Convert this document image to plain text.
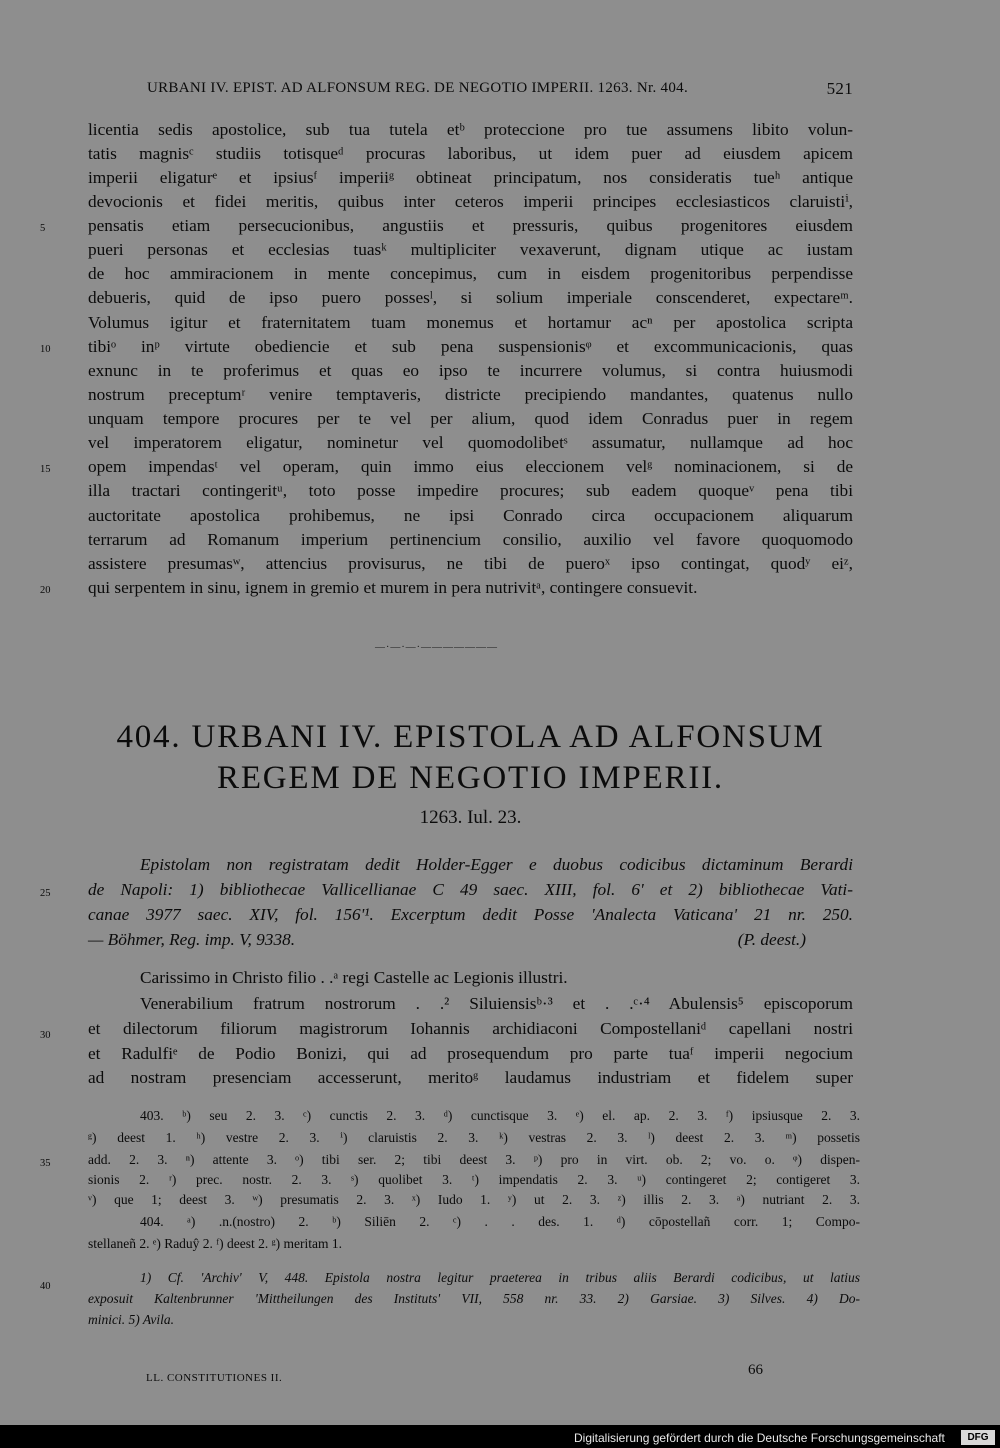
URBANI IV. EPIST. AD ALFONSUM REG. DE NEGOTIO IMPERII. 1263. Nr. 404.	521
licentia sedis apostolice, sub tua tutela etᵇ proteccione pro tue assumens libito volun-
tatis magnisᶜ studiis totisqueᵈ procuras laboribus, ut idem puer ad eiusdem apicem
imperii eligaturᵉ et ipsiusᶠ imperiiᵍ obtineat principatum, nos consideratis tueʰ antique
devocionis et fidei meritis, quibus inter ceteros imperii principes ecclesiasticos claruistiⁱ,
pensatis etiam persecucionibus, angustiis et pressuris, quibus progenitores eiusdem
pueri personas et ecclesias tuasᵏ multipliciter vexaverunt, dignam utique ac iustam
de hoc ammiracionem in mente concepimus, cum in eisdem progenitoribus perpendisse
debueris, quid de ipso puero possesˡ, si solium imperiale conscenderet, expectareᵐ.
Volumus igitur et fraternitatem tuam monemus et hortamur acⁿ per apostolica scripta
tibiᵒ inᵖ virtute obediencie et sub pena suspensionisᵠ et excommunicacionis, quas
exnunc in te proferimus et quas eo ipso te incurrere volumus, si contra huiusmodi
nostrum preceptumʳ venire temptaveris, districte precipiendo mandantes, quatenus nullo
unquam tempore procures per te vel per alium, quod idem Conradus puer in regem
vel imperatorem eligatur, nominetur vel quomodolibetˢ assumatur, nullamque ad hoc
opem impendasᵗ vel operam, quin immo eius eleccionem velᵍ nominacionem, si de
illa tractari contingeritᵘ, toto posse impedire procures; sub eadem quoqueᵛ pena tibi
auctoritate apostolica prohibemus, ne ipsi Conrado circa occupacionem aliquarum
terrarum ad Romanum imperium pertinencium consilio, auxilio vel favore quoquomodo
assistere presumasʷ, attencius provisurus, ne tibi de pueroˣ ipso contingat, quodʸ eiᶻ,
qui serpentem in sinu, ignem in gremio et murem in pera nutrivitᵃ, contingere consuevit.
5
10
15
20
25
30
35
40
—·—·—·———————
404. URBANI IV. EPISTOLA AD ALFONSUM
REGEM DE NEGOTIO IMPERII.
1263. Iul. 23.
Epistolam non registratam dedit Holder-Egger e duobus codicibus dictaminum Berardi
de Napoli: 1) bibliothecae Vallicellianae C 49 saec. XIII, fol. 6' et 2) bibliothecae Vati-
canae 3977 saec. XIV, fol. 156'¹. Excerptum dedit Posse 'Analecta Vaticana' 21 nr. 250.
— Böhmer, Reg. imp. V, 9338.	(P. deest.)
Carissimo in Christo filio . .ᵃ regi Castelle ac Legionis illustri.
Venerabilium fratrum nostrorum . .² Siluiensisᵇ·³ et . .ᶜ·⁴ Abulensis⁵ episcoporum
et dilectorum filiorum magistrorum Iohannis archidiaconi Compostellaniᵈ capellani nostri
et Radulfiᵉ de Podio Bonizi, qui ad prosequendum pro parte tuaᶠ imperii negocium
ad nostram presenciam accesserunt, meritoᵍ laudamus industriam et fidelem super
403. ᵇ) seu 2. 3. ᶜ) cunctis 2. 3. ᵈ) cunctisque 3. ᵉ) el. ap. 2. 3. ᶠ) ipsiusque 2. 3.
ᵍ) deest 1. ʰ) vestre 2. 3. ⁱ) claruistis 2. 3. ᵏ) vestras 2. 3. ˡ) deest 2. 3. ᵐ) possetis
add. 2. 3. ⁿ) attente 3. ᵒ) tibi ser. 2; tibi deest 3. ᵖ) pro in virt. ob. 2; vo. o. ᵠ) dispen-
sionis 2. ʳ) prec. nostr. 2. 3. ˢ) quolibet 3. ᵗ) impendatis 2. 3. ᵘ) contingeret 2; contigeret 3.
ᵛ) que 1; deest 3. ʷ) presumatis 2. 3. ˣ) Iudo 1. ʸ) ut 2. 3. ᶻ) illis 2. 3. ᵃ) nutriant 2. 3.
404. ᵃ) .n.(nostro) 2. ᵇ) Siliēn 2. ᶜ) . . des. 1. ᵈ) cōpostellañ corr. 1; Compo-
stellaneñ 2. ᵉ) Raduŷ 2. ᶠ) deest 2. ᵍ) meritam 1.
1) Cf. 'Archiv' V, 448. Epistola nostra legitur praeterea in tribus aliis Berardi codicibus, ut latius
exposuit Kaltenbrunner 'Mittheilungen des Instituts' VII, 558 nr. 33. 2) Garsiae. 3) Silves. 4) Do-
minici. 5) Avila.
LL. CONSTITUTIONES II.	66
Digitalisierung gefördert durch die Deutsche Forschungsgemeinschaft	DFG
